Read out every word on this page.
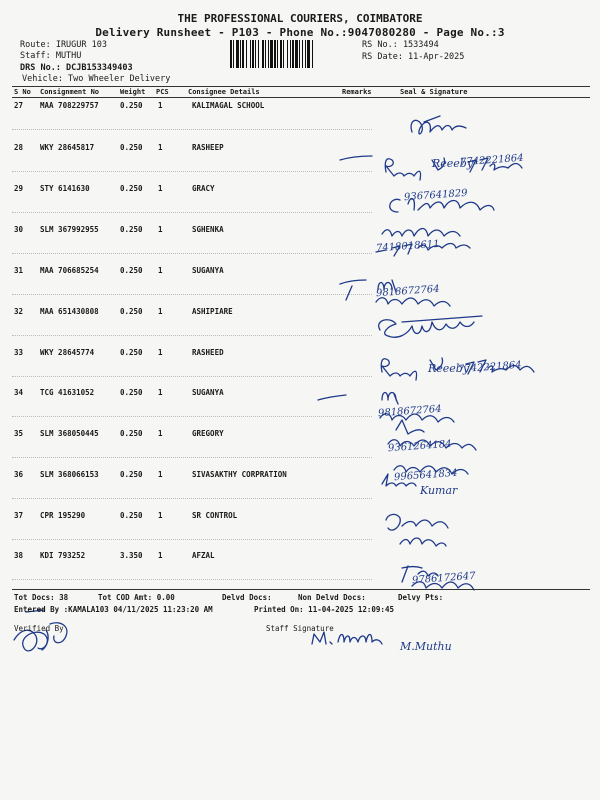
THE PROFESSIONAL COURIERS, COIMBATORE
Delivery Runsheet - P103 - Phone No.:9047080280 - Page No.:3
Route: IRUGUR 103
Staff: MUTHU
DRS No.: DCJB153349403
Vehicle: Two Wheeler Delivery
RS No.: 1533494
RS Date: 11-Apr-2025
S No Consignment No	Weight PCS	Consignee Details	Remarks	Seal & Signature
27 MAA 708229757	0.250 1	KALIMAGAL SCHOOL
28 WKY 28645817	0.250 1	RASHEEP
29 STY 6141630	0.250 1	GRACY
30 SLM 367992955	0.250 1	SGHENKA
31 MAA 706685254	0.250 1	SUGANYA
32 MAA 651430808	0.250 1	ASHIPIARE
33 WKY 28645774	0.250 1	RASHEED
34 TCG 41631052	0.250 1	SUGANYA
35 SLM 368050445	0.250 1	GREGORY
36 SLM 368066153	0.250 1	SIVASAKTHY CORPRATION
37 CPR 195290	0.250 1	SR CONTROL
38 KDI 793252	3.350 1	AFZAL
Tot Docs: 38	Tot COD Amt: 0.00	Delvd Docs:	Non Delvd Docs:	Delvy Pts:
Entered By :KAMALA103 04/11/2025 11:23:20 AM	Printed On: 11-04-2025 12:09:45
Verified By	Staff Signature
Reeeby
7742221864
9367641829
7418018611
9818672764
Reeeby
7742221864
9818672764
9361264184
Kumar
9965641834
9786172647
M.Muthu
